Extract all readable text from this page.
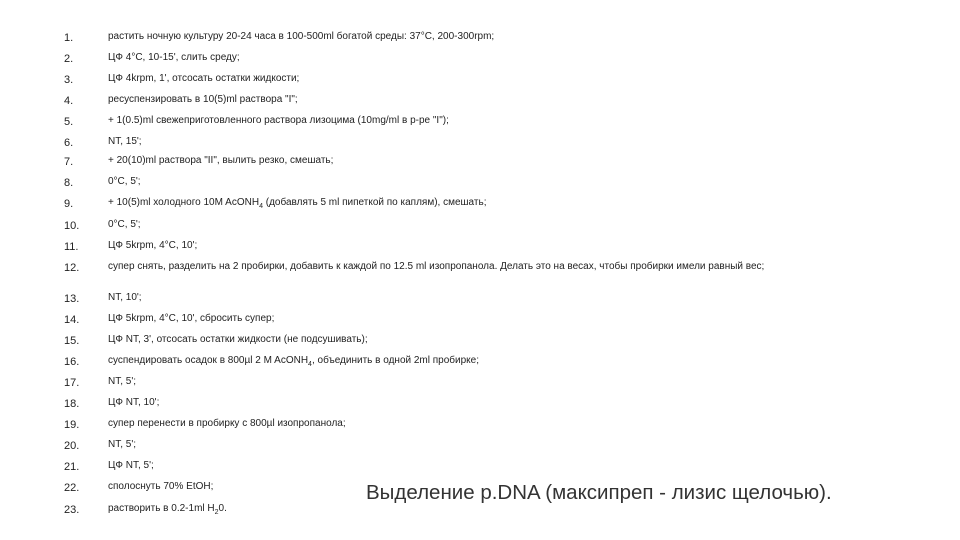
1.	растить ночную культуру 20-24 часа в 100-500ml богатой среды: 37°C, 200-300rpm;
2.	ЦФ 4°C, 10-15', слить среду;
3.	ЦФ 4krpm, 1', отсосать остатки жидкости;
4.	ресуспензировать в 10(5)ml раствора "I";
5.	+ 1(0.5)ml свежеприготовленного раствора лизоцима (10mg/ml в р-ре "I");
6.	NT, 15';
7.	+ 20(10)ml раствора "II", вылить резко, смешать;
8.	0°C, 5';
9.	+ 10(5)ml холодного 10M AcONH$_4$ (добавлять 5 ml пипеткой по каплям), смешать;
10.	0°C, 5';
11.	ЦФ 5krpm, 4°C, 10';
12.	супер снять, разделить на 2 пробирки, добавить к каждой по 12.5 ml изопропанола. Делать это на весах, чтобы пробирки имели равный вес;
13.	NT, 10';
14.	ЦФ 5krpm, 4°C, 10', сбросить супер;
15.	ЦФ NT, 3', отсосать остатки жидкости (не подсушивать);
16.	суспендировать осадок в 800µl 2 M AcONH$_4$, объединить в одной 2ml пробирке;
17.	NT, 5';
18.	ЦФ NT, 10';
19.	супер перенести в пробирку с 800µl изопропанола;
20.	NT, 5';
21.	ЦФ NT, 5';
22.	сполоснуть 70% EtOH;
23.	растворить в 0.2-1ml $H_20$.
Выделение p.DNA (максипреп - лизис щелочью).
